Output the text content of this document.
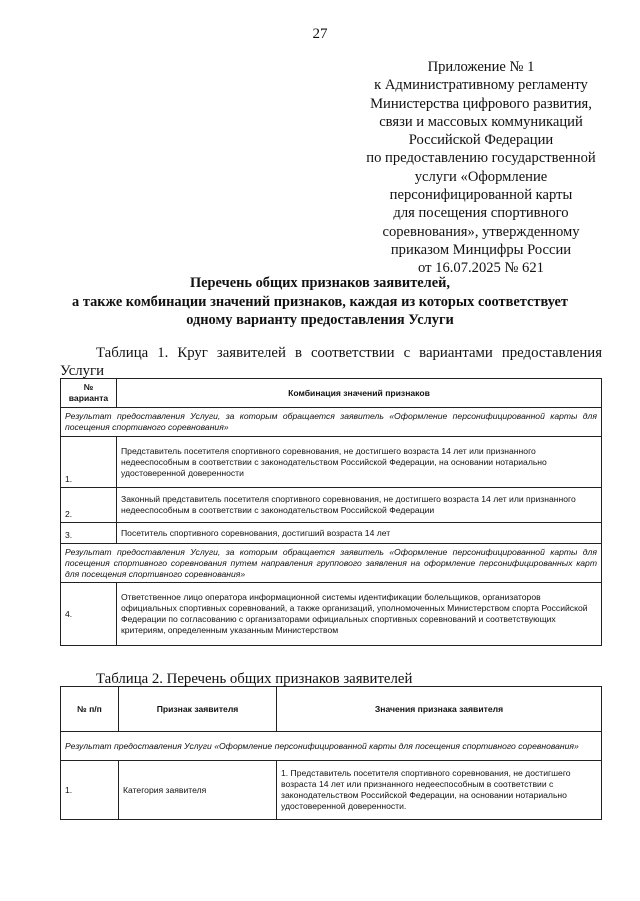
27
Приложение № 1
к Административному регламенту
Министерства цифрового развития,
связи и массовых коммуникаций
Российской Федерации
по предоставлению государственной
услуги «Оформление
персонифицированной карты
для посещения спортивного
соревнования», утвержденному
приказом Минцифры России
от 16.07.2025 № 621
Перечень общих признаков заявителей,
а также комбинации значений признаков, каждая из которых соответствует
одному варианту предоставления Услуги
Таблица 1. Круг заявителей в соответствии с вариантами предоставления Услуги
№ варианта	Комбинация значений признаков
Результат предоставления Услуги, за которым обращается заявитель «Оформление персонифицированной карты для посещения спортивного соревнования»	
1.	Представитель посетителя спортивного соревнования, не достигшего возраста 14 лет или признанного недееспособным в соответствии с законодательством Российской Федерации, на основании нотариально удостоверенной доверенности
2.	Законный представитель посетителя спортивного соревнования, не достигшего возраста 14 лет или признанного недееспособным в соответствии с законодательством Российской Федерации
3.	Посетитель спортивного соревнования, достигший возраста 14 лет
Результат предоставления Услуги, за которым обращается заявитель «Оформление персонифицированной карты для посещения спортивного соревнования путем направления группового заявления на оформление персонифицированных карт для посещения спортивного соревнования»	
4.	Ответственное лицо оператора информационной системы идентификации болельщиков, организаторов официальных спортивных соревнований, а также организаций, уполномоченных Министерством спорта Российской Федерации по согласованию с организаторами официальных спортивных соревнований и соответствующих критериям, определенным указанным Министерством
Таблица 2. Перечень общих признаков заявителей
№ п/п	Признак заявителя	Значения признака заявителя
Результат предоставления Услуги «Оформление персонифицированной карты для посещения спортивного соревнования»		
1.	Категория заявителя	1. Представитель посетителя спортивного соревнования, не достигшего возраста 14 лет или признанного недееспособным в соответствии с законодательством Российской Федерации, на основании нотариально удостоверенной доверенности.
